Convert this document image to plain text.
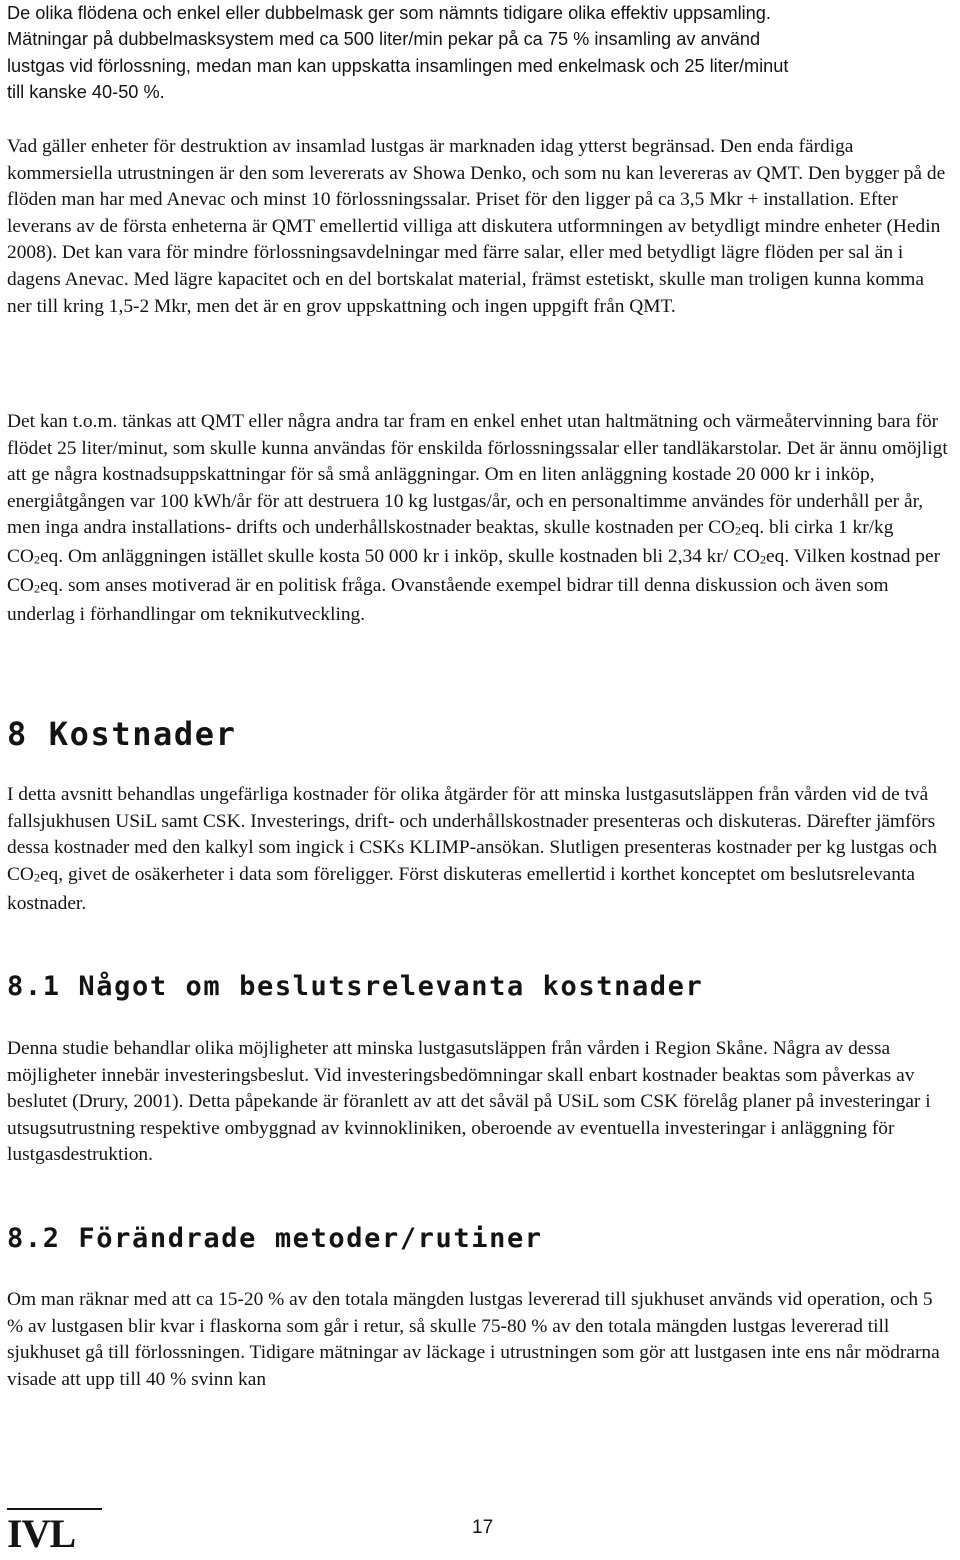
De olika flödena och enkel eller dubbelmask ger som nämnts tidigare olika effektiv uppsamling.
Mätningar på dubbelmasksystem med ca 500 liter/min pekar på ca 75 % insamling av använd
lustgas vid förlossning, medan man kan uppskatta insamlingen med enkelmask och 25 liter/minut
till kanske 40-50 %.

Vad gäller enheter för destruktion av insamlad lustgas är marknaden idag ytterst begränsad. Den enda färdiga kommersiella utrustningen är den som levererats av Showa Denko, och som nu kan levereras av QMT. Den bygger på de flöden man har med Anevac och minst 10 förlossningssalar. Priset för den ligger på ca 3,5 Mkr + installation. Efter leverans av de första enheterna är QMT emellertid villiga att diskutera utformningen av betydligt mindre enheter (Hedin 2008). Det kan vara för mindre förlossningsavdelningar med färre salar, eller med betydligt lägre flöden per sal än i dagens Anevac. Med lägre kapacitet och en del bortskalat material, främst estetiskt, skulle man troligen kunna komma ner till kring 1,5-2 Mkr, men det är en grov uppskattning och ingen uppgift från QMT.

Det kan t.o.m. tänkas att QMT eller några andra tar fram en enkel enhet utan haltmätning och värmeåtervinning bara för flödet 25 liter/minut, som skulle kunna användas för enskilda förlossningssalar eller tandläkarstolar. Det är ännu omöjligt att ge några kostnadsuppskattningar för så små anläggningar. Om en liten anläggning kostade 20 000 kr i inköp, energiåtgången var 100 kWh/år för att destruera 10 kg lustgas/år, och en personaltimme användes för underhåll per år, men inga andra installations- drifts och underhållskostnader beaktas, skulle kostnaden per CO2eq. bli cirka 1 kr/kg CO2eq. Om anläggningen istället skulle kosta 50 000 kr i inköp, skulle kostnaden bli 2,34 kr/ CO2eq. Vilken kostnad per CO2eq. som anses motiverad är en politisk fråga. Ovanstående exempel bidrar till denna diskussion och även som underlag i förhandlingar om teknikutveckling.

8 Kostnader

I detta avsnitt behandlas ungefärliga kostnader för olika åtgärder för att minska lustgasutsläppen från vården vid de två fallsjukhusen USiL samt CSK. Investerings, drift- och underhållskostnader presenteras och diskuteras. Därefter jämförs dessa kostnader med den kalkyl som ingick i CSKs KLIMP-ansökan. Slutligen presenteras kostnader per kg lustgas och CO2eq, givet de osäkerheter i data som föreligger. Först diskuteras emellertid i korthet konceptet om beslutsrelevanta kostnader.

8.1 Något om beslutsrelevanta kostnader

Denna studie behandlar olika möjligheter att minska lustgasutsläppen från vården i Region Skåne. Några av dessa möjligheter innebär investeringsbeslut. Vid investeringsbedömningar skall enbart kostnader beaktas som påverkas av beslutet (Drury, 2001). Detta påpekande är föranlett av att det såväl på USiL som CSK förelåg planer på investeringar i utsugsutrustning respektive ombyggnad av kvinnokliniken, oberoende av eventuella investeringar i anläggning för lustgasdestruktion.

8.2 Förändrade metoder/rutiner

Om man räknar med att ca 15-20 % av den totala mängden lustgas levererad till sjukhuset används vid operation, och 5 % av lustgasen blir kvar i flaskorna som går i retur, så skulle 75-80 % av den totala mängden lustgas levererad till sjukhuset gå till förlossningen. Tidigare mätningar av läckage i utrustningen som gör att lustgasen inte ens når mödrarna visade att upp till 40 % svinn kan

IVL	17
